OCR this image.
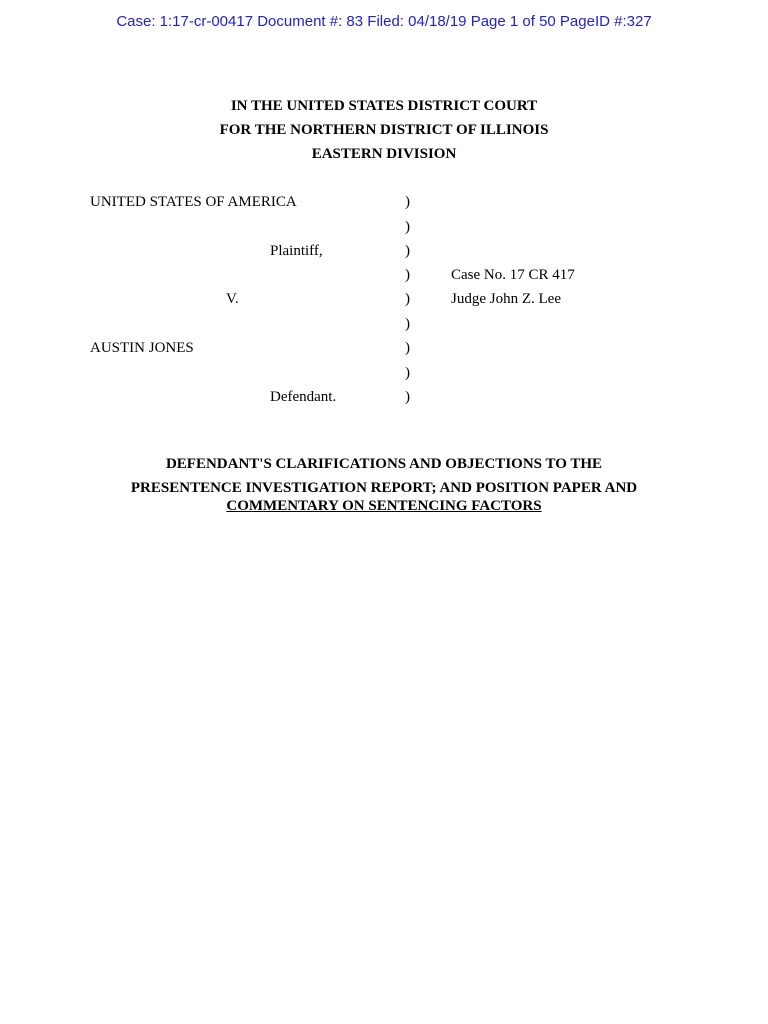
Case: 1:17-cr-00417 Document #: 83 Filed: 04/18/19 Page 1 of 50 PageID #:327
IN THE UNITED STATES DISTRICT COURT
FOR THE NORTHERN DISTRICT OF ILLINOIS
EASTERN DIVISION
UNITED STATES OF AMERICA
Plaintiff,
V.
AUSTIN JONES
Defendant.
Case No. 17 CR 417
Judge John Z. Lee
)
)
)
)
)
)
)
)
)
DEFENDANT'S CLARIFICATIONS AND OBJECTIONS TO THE
PRESENTENCE INVESTIGATION REPORT; AND POSITION PAPER AND
COMMENTARY ON SENTENCING FACTORS
